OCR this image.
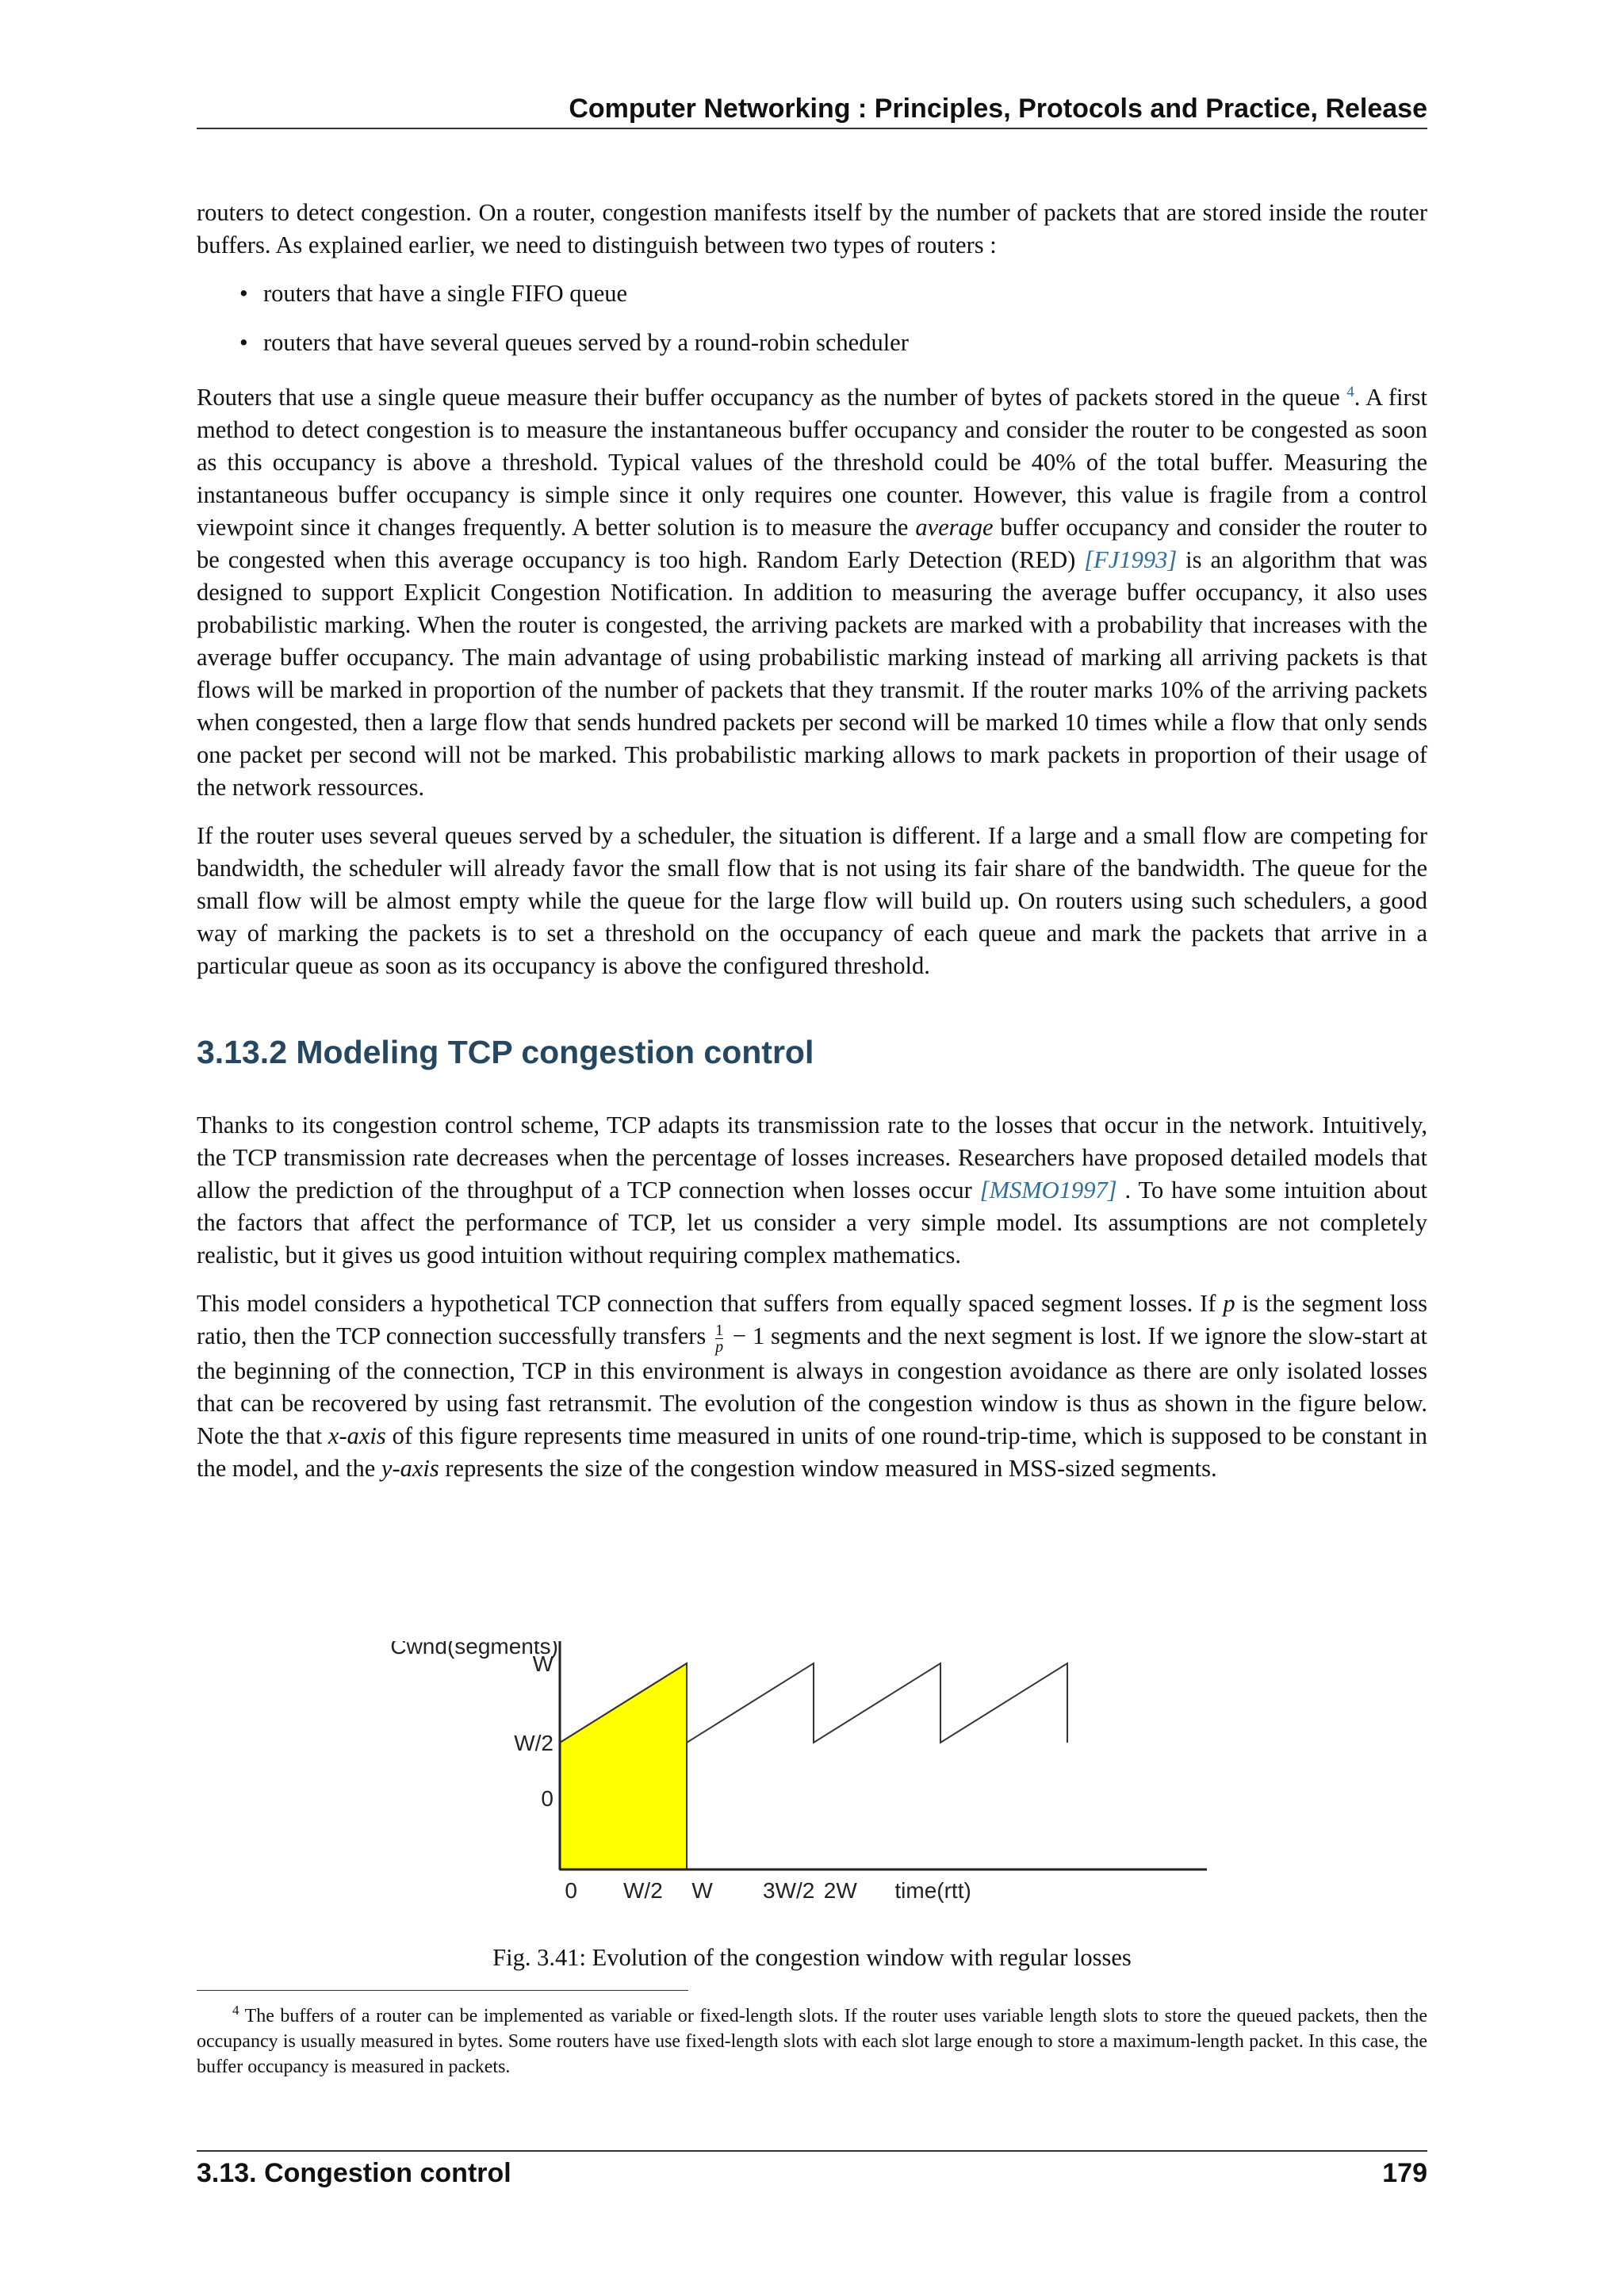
Computer Networking : Principles, Protocols and Practice, Release

routers to detect congestion. On a router, congestion manifests itself by the number of packets that are stored inside the router buffers. As explained earlier, we need to distinguish between two types of routers :

• routers that have a single FIFO queue
• routers that have several queues served by a round-robin scheduler

Routers that use a single queue measure their buffer occupancy as the number of bytes of packets stored in the queue $^4$. A first method to detect congestion is to measure the instantaneous buffer occupancy and consider the router to be congested as soon as this occupancy is above a threshold. Typical values of the threshold could be 40% of the total buffer. Measuring the instantaneous buffer occupancy is simple since it only requires one counter. However, this value is fragile from a control viewpoint since it changes frequently. A better solution is to measure the average buffer occupancy and consider the router to be congested when this average occupancy is too high. Random Early Detection (RED) [FJ1993] is an algorithm that was designed to support Explicit Congestion Notification. In addition to measuring the average buffer occupancy, it also uses probabilistic marking. When the router is congested, the arriving packets are marked with a probability that increases with the average buffer occupancy. The main advantage of using probabilistic marking instead of marking all arriving packets is that flows will be marked in proportion of the number of packets that they transmit. If the router marks 10% of the arriving packets when congested, then a large flow that sends hundred packets per second will be marked 10 times while a flow that only sends one packet per second will not be marked. This probabilistic marking allows to mark packets in proportion of their usage of the network ressources.

If the router uses several queues served by a scheduler, the situation is different. If a large and a small flow are competing for bandwidth, the scheduler will already favor the small flow that is not using its fair share of the bandwidth. The queue for the small flow will be almost empty while the queue for the large flow will build up. On routers using such schedulers, a good way of marking the packets is to set a threshold on the occupancy of each queue and mark the packets that arrive in a particular queue as soon as its occupancy is above the configured threshold.

3.13.2 Modeling TCP congestion control

Thanks to its congestion control scheme, TCP adapts its transmission rate to the losses that occur in the network. Intuitively, the TCP transmission rate decreases when the percentage of losses increases. Researchers have proposed detailed models that allow the prediction of the throughput of a TCP connection when losses occur [MSMO1997] . To have some intuition about the factors that affect the performance of TCP, let us consider a very simple model. Its assumptions are not completely realistic, but it gives us good intuition without requiring complex mathematics.

This model considers a hypothetical TCP connection that suffers from equally spaced segment losses. If p is the segment loss ratio, then the TCP connection successfully transfers $\frac{1}{p} - 1$ segments and the next segment is lost. If we ignore the slow-start at the beginning of the connection, TCP in this environment is always in congestion avoidance as there are only isolated losses that can be recovered by using fast retransmit. The evolution of the congestion window is thus as shown in the figure below. Note the that x-axis of this figure represents time measured in units of one round-trip-time, which is supposed to be constant in the model, and the y-axis represents the size of the congestion window measured in MSS-sized segments.

0
W/2
W
0 W/2 W 3W/2 2W
Cwnd(segments)
time(rtt)
Fig. 3.41: Evolution of the congestion window with regular losses
$^4$ The buffers of a router can be implemented as variable or fixed-length slots. If the router uses variable length slots to store the queued packets, then the occupancy is usually measured in bytes. Some routers have use fixed-length slots with each slot large enough to store a maximum-length packet. In this case, the buffer occupancy is measured in packets.
3.13. Congestion control	179
